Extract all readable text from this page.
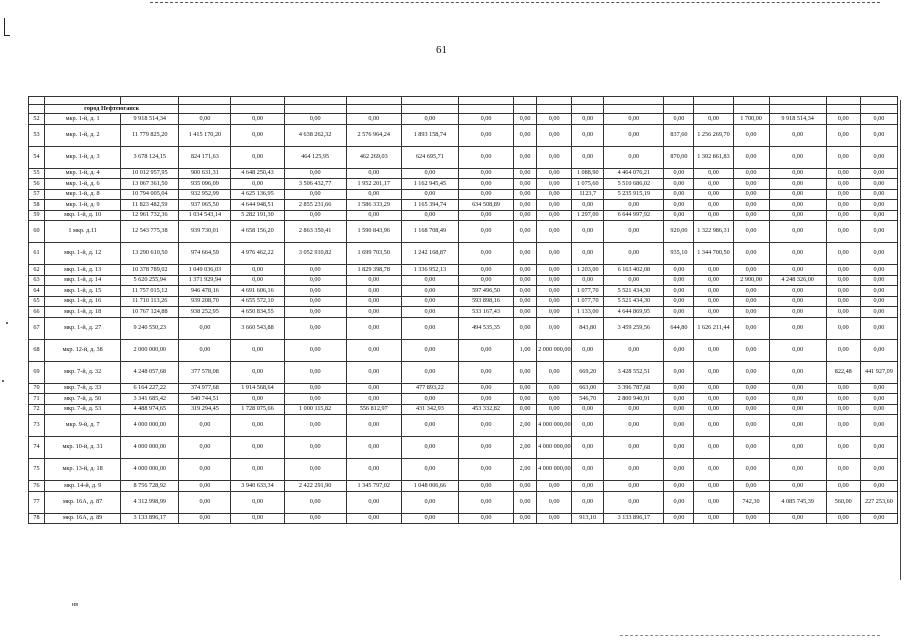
61

	город Нефтеюганск																	
52	мкр. 1-й, д. 1	9 918 514,34	0,00	0,00	0,00	0,00	0,00	0,00	0,00	0,00	0,00	0,00	0,00	0,00	1 700,00	9 918 514,34	0,00	0,00
53	мкр. 1-й, д. 2	11 779 825,20	1 415 170,20	0,00	4 638 262,32	2 576 964,24	1 893 158,74	0,00	0,00	0,00	0,00	0,00	837,60	1 256 269,70	0,00	0,00	0,00	0,00
54	мкр. 1-й, д. 3	3 678 124,15	824 171,63	0,00	464 125,95	462 269,03	624 695,71	0,00	0,00	0,00	0,00	0,00	870,00	1 302 861,83	0,00	0,00	0,00	0,00
55	мкр. 1-й, д. 4	10 012 957,95	900 631,31	4 648 250,43	0,00	0,00	0,00	0,00	0,00	0,00	1 088,90	4 464 076,21	0,00	0,00	0,00	0,00	0,00	0,00
56	мкр. 1-й, д. 6	13 067 361,50	935 096,09	0,00	3 506 432,77	1 952 201,17	1 162 945,45	0,00	0,00	0,00	1 075,60	5 510 686,02	0,00	0,00	0,00	0,00	0,00	0,00
57	мкр. 1-й, д. 8	10 794 005,04	932 952,99	4 625 136,95	0,00	0,00	0,00	0,00	0,00	0,00	1123,7	5 235 915,19	0,00	0,00	0,00	0,00	0,00	0,00
58	мкр. 1-й, д. 9	11 823 482,59	937 065,50	4 644 948,51	2 855 231,66	1 586 333,29	1 165 394,74	634 508,89	0,00	0,00	0,00	0,00	0,00	0,00	0,00	0,00	0,00	0,00
59	мкр. 1-й, д. 10	12 961 732,36	1 034 543,14	5 282 191,30	0,00	0,00	0,00	0,00	0,00	0,00	1 297,00	6 644 997,92	0,00	0,00	0,00	0,00	0,00	0,00
60	1 мкр. д.11	12 543 775,38	939 730,01	4 658 156,20	2 863 350,41	1 590 843,96	1 168 708,49	0,00	0,00	0,00	0,00	0,00	920,00	1 322 986,31	0,00	0,00	0,00	0,00
61	мкр. 1-й, д. 12	13 290 610,50	974 664,59	4 976 462,22	3 052 910,82	1 699 703,50	1 242 168,87	0,00	0,00	0,00	0,00	0,00	935,10	1 344 700,50	0,00	0,00	0,00	0,00
62	мкр. 1-й, д. 13	10 378 789,02	1 049 036,03	0,00	0,00	1 829 398,78	1 336 952,13	0,00	0,00	0,00	1 203,00	6 163 402,08	0,00	0,00	0,00	0,00	0,00	0,00
63	мкр. 1-й, д. 14	5 620 255,94	1 371 929,94	0,00	0,00	0,00	0,00	0,00	0,00	0,00	0,00	0,00	0,00	0,00	2 900,00	4 248 326,00	0,00	0,00
64	мкр. 1-й, д. 15	11 757 015,12	946 478,16	4 691 606,16	0,00	0,00	0,00	597 496,50	0,00	0,00	1 077,70	5 521 434,30	0,00	0,00	0,00	0,00	0,00	0,00
65	мкр. 1-й, д. 16	11 710 113,26	939 208,70	4 655 572,10	0,00	0,00	0,00	593 898,16	0,00	0,00	1 077,70	5 521 434,30	0,00	0,00	0,00	0,00	0,00	0,00
66	мкр. 1-й, д. 18	10 767 124,88	938 252,95	4 650 834,55	0,00	0,00	0,00	533 167,43	0,00	0,00	1 133,00	4 644 869,95	0,00	0,00	0,00	0,00	0,00	0,00
67	мкр. 1-й, д. 27	9 240 550,23	0,00	3 660 543,88	0,00	0,00	0,00	494 535,35	0,00	0,00	843,80	3 459 259,56	644,80	1 626 211,44	0,00	0,00	0,00	0,00
68	мкр. 12-й, д. 38	2 000 000,00	0,00	0,00	0,00	0,00	0,00	0,00	1,00	2 000 000,00	0,00	0,00	0,00	0,00	0,00	0,00	0,00	0,00
69	мкр. 7-й, д. 32	4 248 057,68	377 578,08	0,00	0,00	0,00	0,00	0,00	0,00	0,00	669,20	3 428 552,51	0,00	0,00	0,00	0,00	822,48	441 927,09
70	мкр. 7-й, д. 33	6 164 227,22	374 977,68	1 914 568,64	0,00	0,00	477 893,22	0,00	0,00	0,00	663,00	3 396 787,68	0,00	0,00	0,00	0,00	0,00	0,00
71	мкр. 7-й, д. 50	3 341 685,42	540 744,51	0,00	0,00	0,00	0,00	0,00	0,00	0,00	546,70	2 800 940,91	0,00	0,00	0,00	0,00	0,00	0,00
72	мкр. 7-й, д. 53	4 488 974,65	319 294,45	1 728 075,66	1 000 115,82	556 812,97	431 342,93	453 332,82	0,00	0,00	0,00	0,00	0,00	0,00	0,00	0,00	0,00	0,00
73	мкр. 9-й, д. 7	4 000 000,00	0,00	0,00	0,00	0,00	0,00	0,00	2,00	4 000 000,00	0,00	0,00	0,00	0,00	0,00	0,00	0,00	0,00
74	мкр. 10-й, д. 31	4 000 000,00	0,00	0,00	0,00	0,00	0,00	0,00	2,00	4 000 000,00	0,00	0,00	0,00	0,00	0,00	0,00	0,00	0,00
75	мкр. 13-й, д. 18	4 000 000,00	0,00	0,00	0,00	0,00	0,00	0,00	2,00	4 000 000,00	0,00	0,00	0,00	0,00	0,00	0,00	0,00	0,00
76	мкр. 14-й, д. 9	8 756 728,92	0,00	3 940 633,34	2 422 291,90	1 345 797,02	1 048 006,66	0,00	0,00	0,00	0,00	0,00	0,00	0,00	0,00	0,00	0,00	0,00
77	мкр. 16А, д. 87	4 312 998,99	0,00	0,00	0,00	0,00	0,00	0,00	0,00	0,00	0,00	0,00	0,00	0,00	742,30	4 085 745,39	560,00	227 253,60
78	мкр. 16А, д. 89	3 133 896,17	0,00	0,00	0,00	0,00	0,00	0,00	0,00	0,00	913,10	3 133 896,17	0,00	0,00	0,00	0,00	0,00	0,00
нв
